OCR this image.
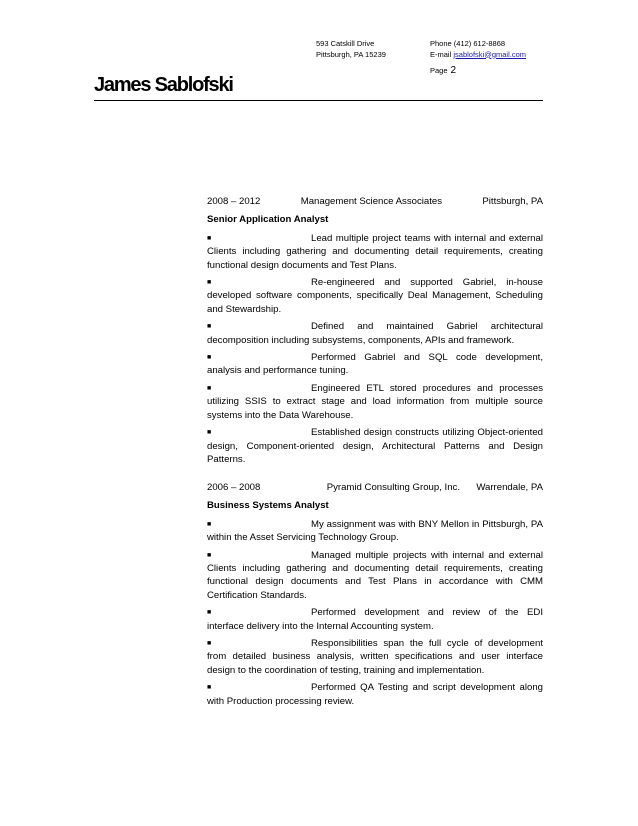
593 Catskill Drive
Pittsburgh, PA 15239
Phone (412) 612-8868
E-mail jsablofski@gmail.com
Page 2
James Sablofski
2008 – 2012	Management Science Associates	Pittsburgh, PA
Senior Application Analyst
■	Lead multiple project teams with internal and external Clients including gathering and documenting detail requirements, creating functional design documents and Test Plans.
■	Re-engineered and supported Gabriel, in-house developed software components, specifically Deal Management, Scheduling and Stewardship.
■	Defined and maintained Gabriel architectural decomposition including subsystems, components, APIs and framework.
■	Performed Gabriel and SQL code development, analysis and performance tuning.
■	Engineered ETL stored procedures and processes utilizing SSIS to extract stage and load information from multiple source systems into the Data Warehouse.
■	Established design constructs utilizing Object-oriented design, Component-oriented design, Architectural Patterns and Design Patterns.
2006 – 2008	Pyramid Consulting Group, Inc. Warrendale, PA
Business Systems Analyst
■	My assignment was with BNY Mellon in Pittsburgh, PA within the Asset Servicing Technology Group.
■	Managed multiple projects with internal and external Clients including gathering and documenting detail requirements, creating functional design documents and Test Plans in accordance with CMM Certification Standards.
■	Performed development and review of the EDI interface delivery into the Internal Accounting system.
■	Responsibilities span the full cycle of development from detailed business analysis, written specifications and user interface design to the coordination of testing, training and implementation.
■	Performed QA Testing and script development along with Production processing review.
